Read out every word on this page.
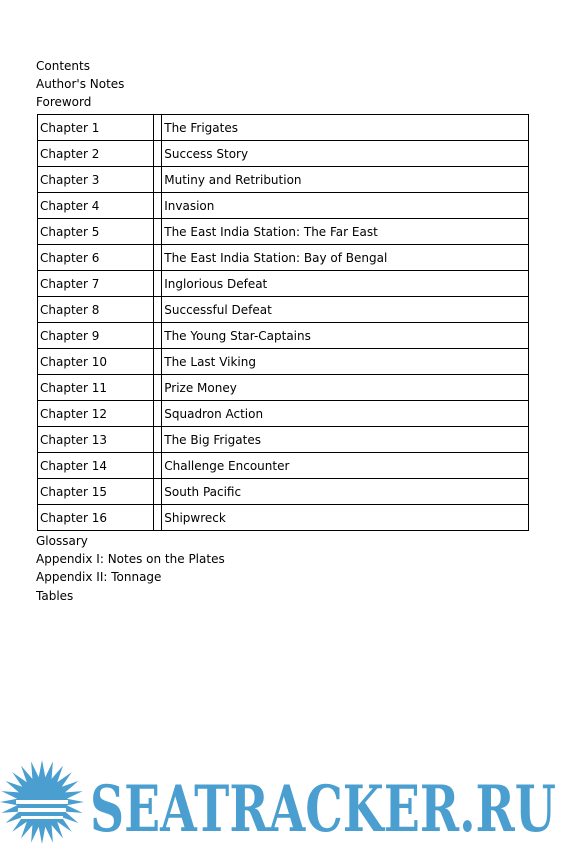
Contents
Author's Notes
Foreword
Chapter 1		The Frigates
Chapter 2		Success Story
Chapter 3		Mutiny and Retribution
Chapter 4		Invasion
Chapter 5		The East India Station: The Far East
Chapter 6		The East India Station: Bay of Bengal
Chapter 7		Inglorious Defeat
Chapter 8		Successful Defeat
Chapter 9		The Young Star-Captains
Chapter 10		The Last Viking
Chapter 11		Prize Money
Chapter 12		Squadron Action
Chapter 13		The Big Frigates
Chapter 14		Challenge Encounter
Chapter 15		South Pacific
Chapter 16		Shipwreck
Glossary
Appendix I: Notes on the Plates
Appendix II: Tonnage
Tables
SEATRACKER.RU
